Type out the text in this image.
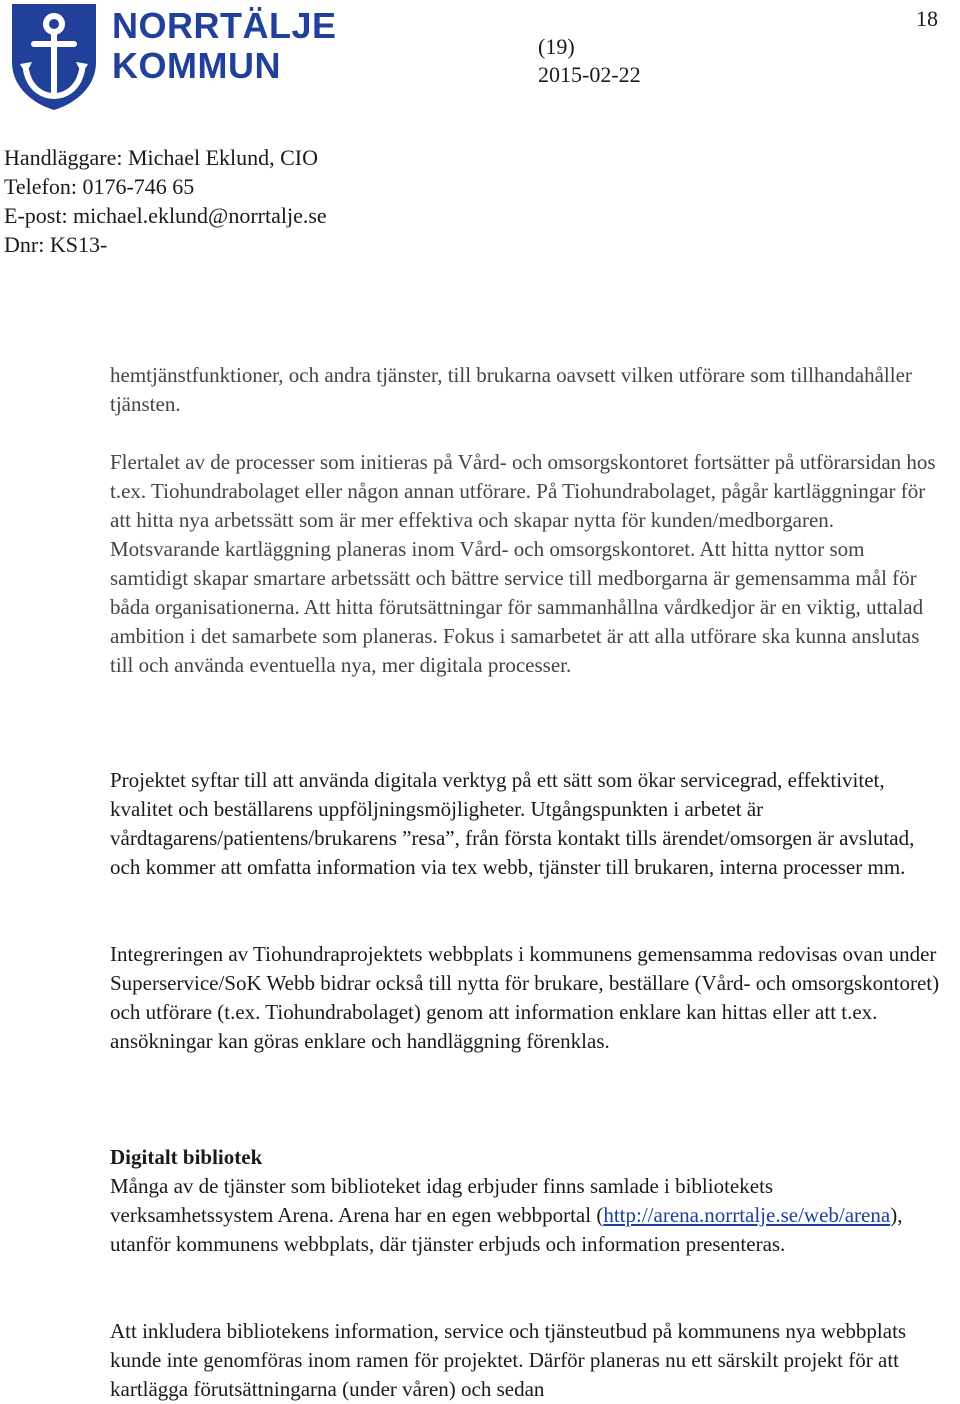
NORRTÄLJE
KOMMUN
18
(19)
2015-02-22
Handläggare: Michael Eklund, CIO
Telefon: 0176-746 65
E-post: michael.eklund@norrtalje.se
Dnr: KS13-

hemtjänstfunktioner, och andra tjänster, till brukarna oavsett vilken utförare som tillhandahåller tjänsten.

Flertalet av de processer som initieras på Vård- och omsorgskontoret fortsätter på utförarsidan hos t.ex. Tiohundrabolaget eller någon annan utförare. På Tiohundrabolaget, pågår kartläggningar för att hitta nya arbetssätt som är mer effektiva och skapar nytta för kunden/medborgaren. Motsvarande kartläggning planeras inom Vård- och omsorgskontoret. Att hitta nyttor som samtidigt skapar smartare arbetssätt och bättre service till medborgarna är gemensamma mål för båda organisationerna. Att hitta förutsättningar för sammanhållna vårdkedjor är en viktig, uttalad ambition i det samarbete som planeras. Fokus i samarbetet är att alla utförare ska kunna anslutas till och använda eventuella nya, mer digitala processer.

Projektet syftar till att använda digitala verktyg på ett sätt som ökar servicegrad, effektivitet, kvalitet och beställarens uppföljningsmöjligheter. Utgångspunkten i arbetet är vårdtagarens/patientens/brukarens ”resa”, från första kontakt tills ärendet/omsorgen är avslutad, och kommer att omfatta information via tex webb, tjänster till brukaren, interna processer mm.

Integreringen av Tiohundraprojektets webbplats i kommunens gemensamma redovisas ovan under Superservice/SoK Webb bidrar också till nytta för brukare, beställare (Vård- och omsorgskontoret) och utförare (t.ex. Tiohundrabolaget) genom att information enklare kan hittas eller att t.ex. ansökningar kan göras enklare och handläggning förenklas.

Digitalt bibliotek

Många av de tjänster som biblioteket idag erbjuder finns samlade i bibliotekets verksamhetssystem Arena. Arena har en egen webbportal (http://arena.norrtalje.se/web/arena), utanför kommunens webbplats, där tjänster erbjuds och information presenteras.

Att inkludera bibliotekens information, service och tjänsteutbud på kommunens nya webbplats kunde inte genomföras inom ramen för projektet. Därför planeras nu ett särskilt projekt för att kartlägga förutsättningarna (under våren) och sedan
